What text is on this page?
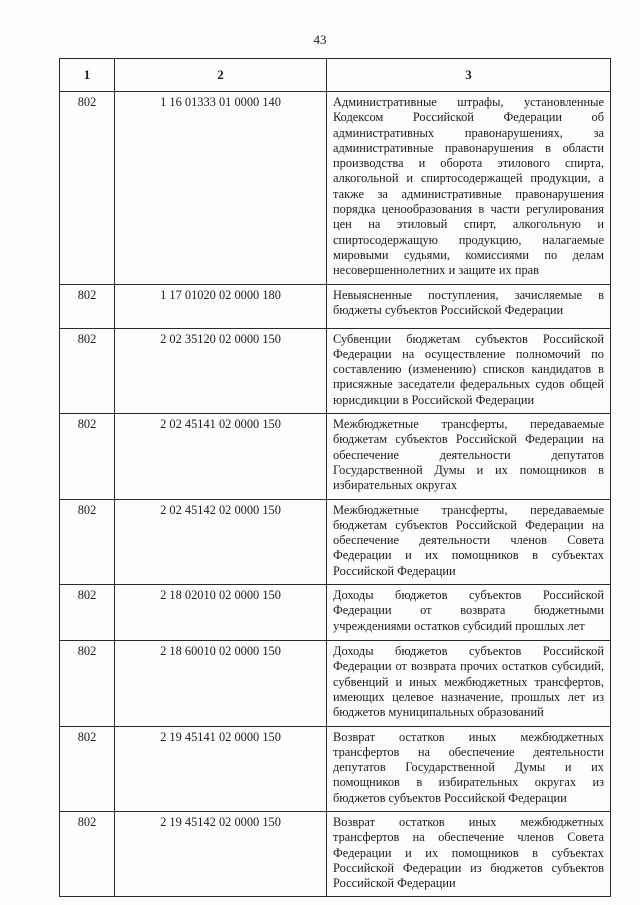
43
1	2	3
802	1 16 01333 01 0000 140	Административные штрафы, установленные Кодексом Российской Федерации об административных правонарушениях, за административные правонарушения в области производства и оборота этилового спирта, алкогольной и спиртосодержащей продукции, а также за административные правонарушения порядка ценообразования в части регулирования цен на этиловый спирт, алкогольную и спиртосодержащую продукцию, налагаемые мировыми судьями, комиссиями по делам несовершеннолетних и защите их прав
802	1 17 01020 02 0000 180	Невыясненные поступления, зачисляемые в бюджеты субъектов Российской Федерации
802	2 02 35120 02 0000 150	Субвенции бюджетам субъектов Российской Федерации на осуществление полномочий по составлению (изменению) списков кандидатов в присяжные заседатели федеральных судов общей юрисдикции в Российской Федерации
802	2 02 45141 02 0000 150	Межбюджетные трансферты, передаваемые бюджетам субъектов Российской Федерации на обеспечение деятельности депутатов Государственной Думы и их помощников в избирательных округах
802	2 02 45142 02 0000 150	Межбюджетные трансферты, передаваемые бюджетам субъектов Российской Федерации на обеспечение деятельности членов Совета Федерации и их помощников в субъектах Российской Федерации
802	2 18 02010 02 0000 150	Доходы бюджетов субъектов Российской Федерации от возврата бюджетными учреждениями остатков субсидий прошлых лет
802	2 18 60010 02 0000 150	Доходы бюджетов субъектов Российской Федерации от возврата прочих остатков субсидий, субвенций и иных межбюджетных трансфертов, имеющих целевое назначение, прошлых лет из бюджетов муниципальных образований
802	2 19 45141 02 0000 150	Возврат остатков иных межбюджетных трансфертов на обеспечение деятельности депутатов Государственной Думы и их помощников в избирательных округах из бюджетов субъектов Российской Федерации
802	2 19 45142 02 0000 150	Возврат остатков иных межбюджетных трансфертов на обеспечение членов Совета Федерации и их помощников в субъектах Российской Федерации из бюджетов субъектов Российской Федерации
